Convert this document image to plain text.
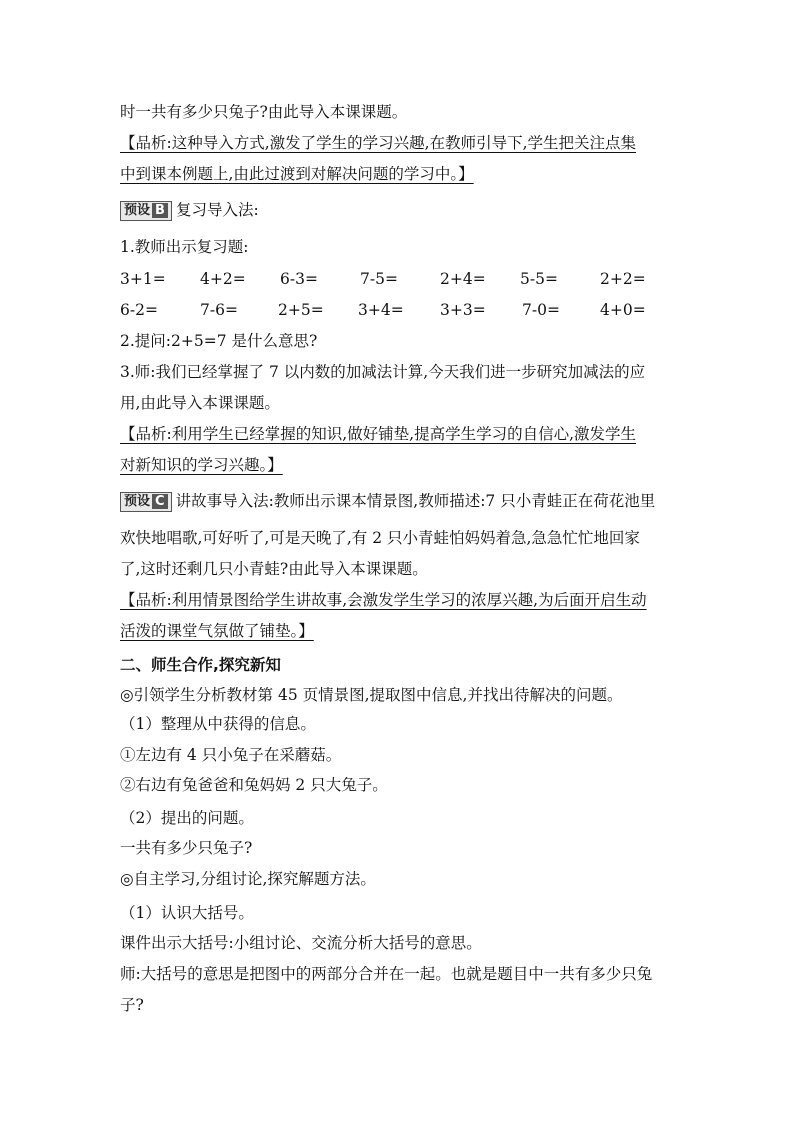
时一共有多少只兔子?由此导入本课课题。
【品析:这种导入方式,激发了学生的学习兴趣,在教师引导下,学生把关注点集
中到课本例题上,由此过渡到对解决问题的学习中。】
预设 B 复习导入法:
1.教师出示复习题:
3+1= 4+2= 6-3=	7-5=	2+4= 5-5=	2+2=
6-2=	7-6=	2+5= 3+4= 3+3= 7-0=	4+0=
2.提问:2+5=7 是什么意思?
3.师:我们已经掌握了 7 以内数的加减法计算,今天我们进一步研究加减法的应
用,由此导入本课课题。
【品析:利用学生已经掌握的知识,做好铺垫,提高学生学习的自信心,激发学生
对新知识的学习兴趣。】
预设 C 讲故事导入法:教师出示课本情景图,教师描述:7 只小青蛙正在荷花池里
欢快地唱歌,可好听了,可是天晚了,有 2 只小青蛙怕妈妈着急,急急忙忙地回家
了,这时还剩几只小青蛙?由此导入本课课题。
【品析:利用情景图给学生讲故事,会激发学生学习的浓厚兴趣,为后面开启生动
活泼的课堂气氛做了铺垫。】
二、师生合作,探究新知
◎引领学生分析教材第 45 页情景图,提取图中信息,并找出待解决的问题。
（1）整理从中获得的信息。
①左边有 4 只小兔子在采蘑菇。
②右边有兔爸爸和兔妈妈 2 只大兔子。
（2）提出的问题。
一共有多少只兔子?
◎自主学习,分组讨论,探究解题方法。
（1）认识大括号。
课件出示大括号:小组讨论、交流分析大括号的意思。
师:大括号的意思是把图中的两部分合并在一起。也就是题目中一共有多少只兔
子?
